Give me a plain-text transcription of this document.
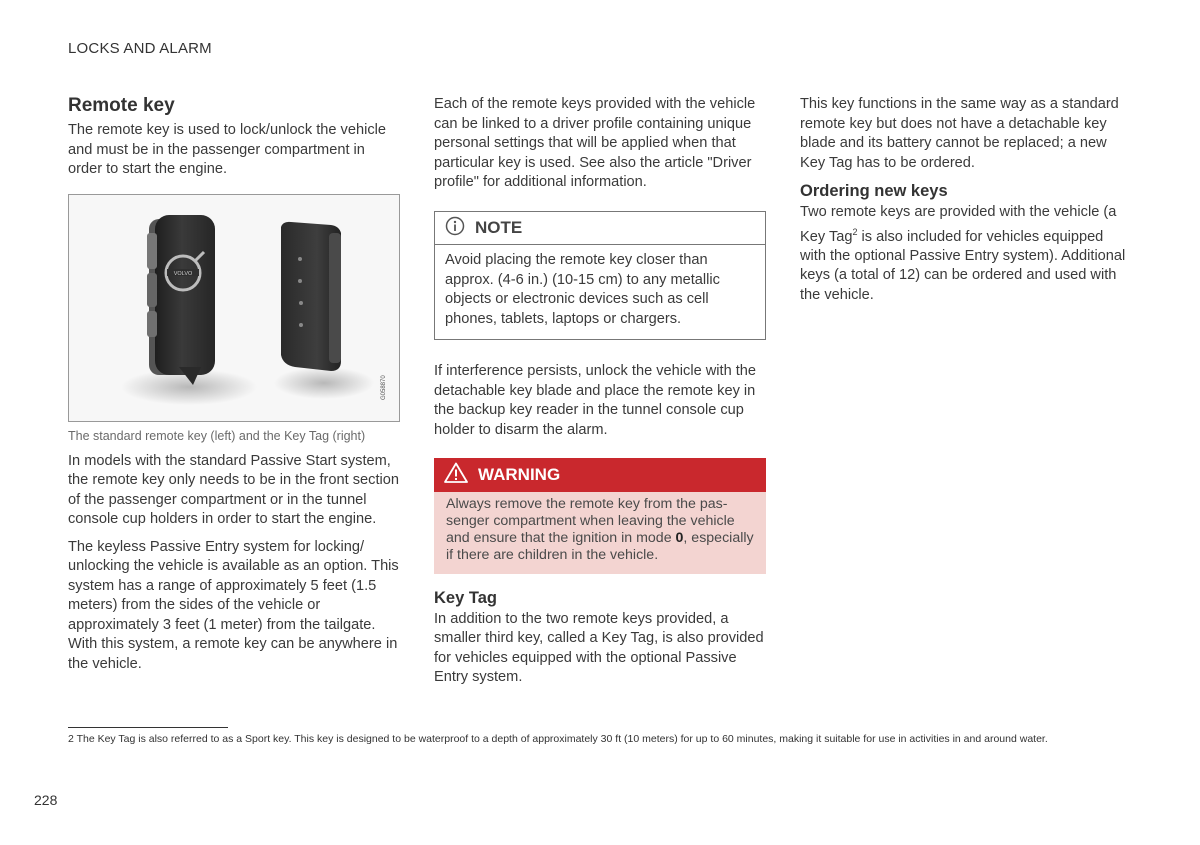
LOCKS AND ALARM
Remote key

The remote key is used to lock/unlock the vehicle and must be in the passenger compartment in order to start the engine.

VOLVO
G058870
The standard remote key (left) and the Key Tag (right)

In models with the standard Passive Start system, the remote key only needs to be in the front section of the passenger compartment or in the tunnel console cup holders in order to start the engine.

The keyless Passive Entry system for locking/ unlocking the vehicle is available as an option. This system has a range of approximately 5 feet (1.5 meters) from the sides of the vehicle or approximately 3 feet (1 meter) from the tailgate. With this system, a remote key can be anywhere in the vehicle.

Each of the remote keys provided with the vehicle can be linked to a driver profile containing unique personal settings that will be applied when that particular key is used. See also the article "Driver profile" for additional information.

NOTE
Avoid placing the remote key closer than approx. (4-6 in.) (10-15 cm) to any metallic objects or electronic devices such as cell phones, tablets, laptops or chargers.

If interference persists, unlock the vehicle with the detachable key blade and place the remote key in the backup key reader in the tunnel console cup holder to disarm the alarm.

WARNING
Always remove the remote key from the passenger compartment when leaving the vehicle and ensure that the ignition in mode 0, especially if there are children in the vehicle.
Key Tag

In addition to the two remote keys provided, a smaller third key, called a Key Tag, is also provided for vehicles equipped with the optional Passive Entry system.

This key functions in the same way as a standard remote key but does not have a detachable key blade and its battery cannot be replaced; a new Key Tag has to be ordered.

Ordering new keys

Two remote keys are provided with the vehicle (a Key Tag$^2$ is also included for vehicles equipped with the optional Passive Entry system). Additional keys (a total of 12) can be ordered and used with the vehicle.

2 The Key Tag is also referred to as a Sport key. This key is designed to be waterproof to a depth of approximately 30 ft (10 meters) for up to 60 minutes, making it suitable for use in activities in and around water.
228
